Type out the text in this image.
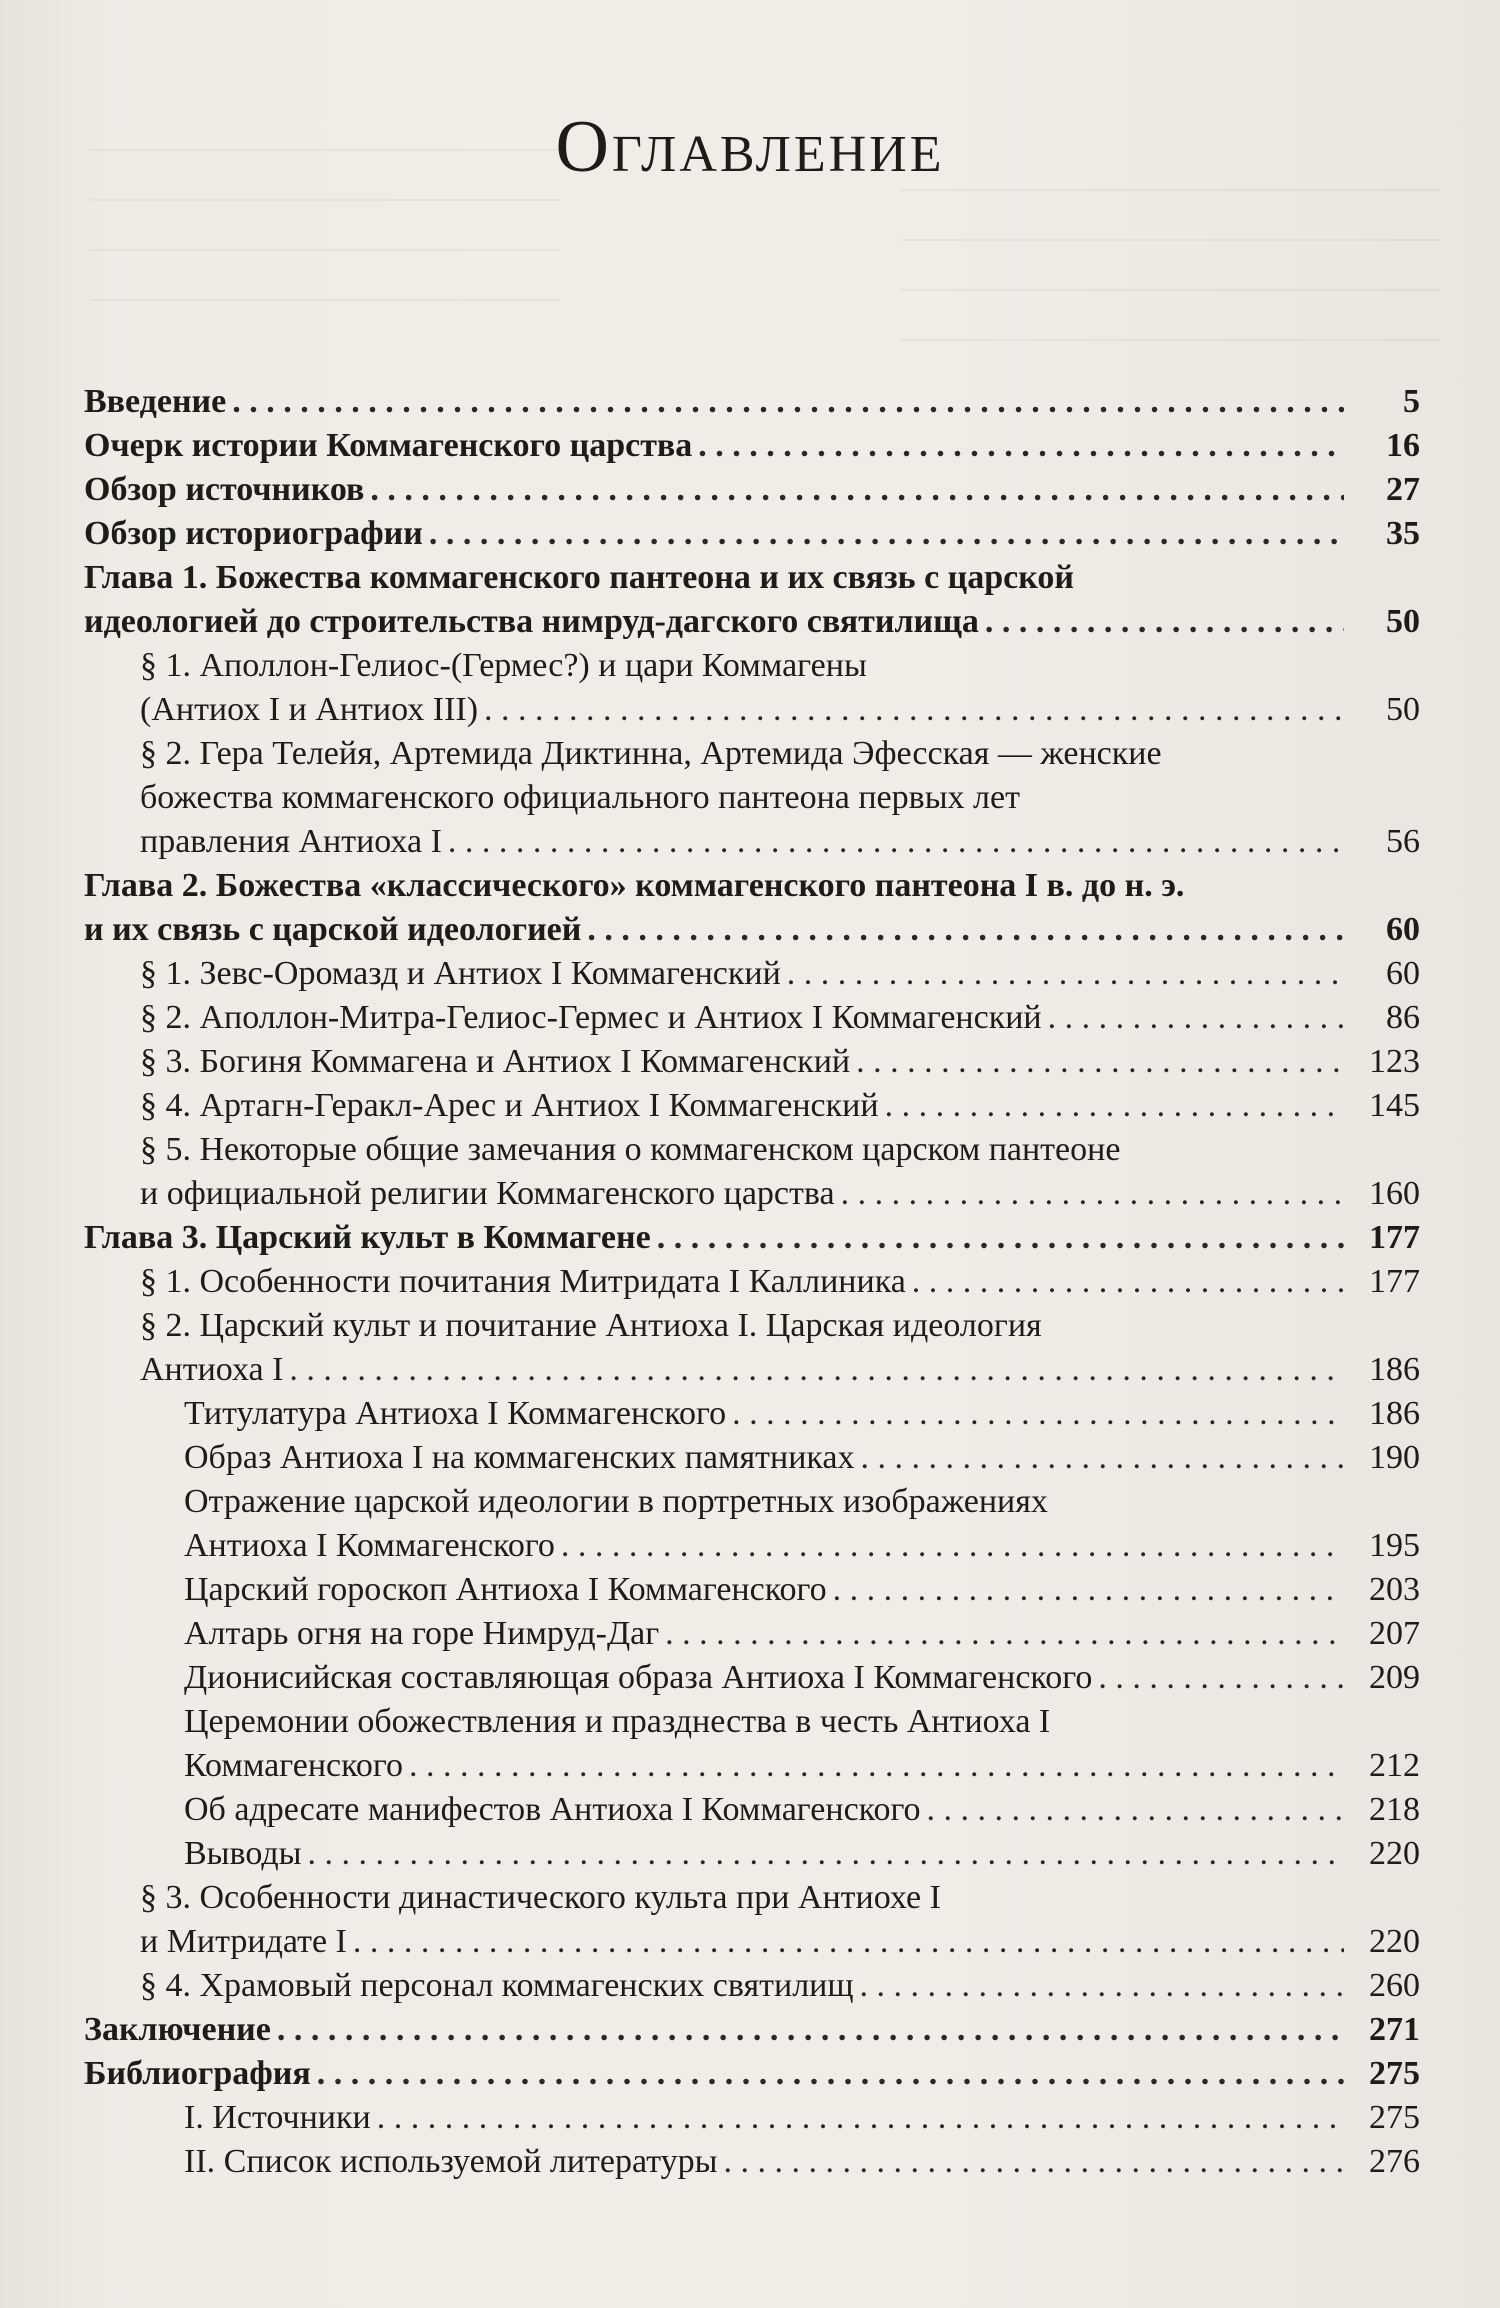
Оглавление
Введение . . .	5
Очерк истории Коммагенского царства . . .	16
Обзор источников . . .	27
Обзор историографии . . .	35
Глава 1. Божества коммагенского пантеона и их связь с царской
идеологией до строительства нимруд-дагского святилища . . .	50
§ 1. Аполлон-Гелиос-(Гермес?) и цари Коммагены
(Антиох I и Антиох III) . . .	50
§ 2. Гера Телейя, Артемида Диктинна, Артемида Эфесская — женские
божества коммагенского официального пантеона первых лет
правления Антиоха I . . .	56
Глава 2. Божества «классического» коммагенского пантеона I в. до н. э.
и их связь с царской идеологией . . .	60
§ 1. Зевс-Оромазд и Антиох I Коммагенский . . .	60
§ 2. Аполлон-Митра-Гелиос-Гермес и Антиох I Коммагенский . . .	86
§ 3. Богиня Коммагена и Антиох I Коммагенский . . .	123
§ 4. Артагн-Геракл-Арес и Антиох I Коммагенский . . .	145
§ 5. Некоторые общие замечания о коммагенском царском пантеоне
и официальной религии Коммагенского царства . . .	160
Глава 3. Царский культ в Коммагене . . .	177
§ 1. Особенности почитания Митридата I Каллиника . . .	177
§ 2. Царский культ и почитание Антиоха I. Царская идеология
Антиоха I . . .	186
Титулатура Антиоха I Коммагенского . . .	186
Образ Антиоха I на коммагенских памятниках . . .	190
Отражение царской идеологии в портретных изображениях
Антиоха I Коммагенского . . .	195
Царский гороскоп Антиоха I Коммагенского . . .	203
Алтарь огня на горе Нимруд-Даг . . .	207
Дионисийская составляющая образа Антиоха I Коммагенского . . .	209
Церемонии обожествления и празднества в честь Антиоха I
Коммагенского . . .	212
Об адресате манифестов Антиоха I Коммагенского . . .	218
Выводы . . .	220
§ 3. Особенности династического культа при Антиохе I
и Митридате I . . .	220
§ 4. Храмовый персонал коммагенских святилищ . . .	260
Заключение . . .	271
Библиография . . .	275
I. Источники . . .	275
II. Список используемой литературы . . .	276
